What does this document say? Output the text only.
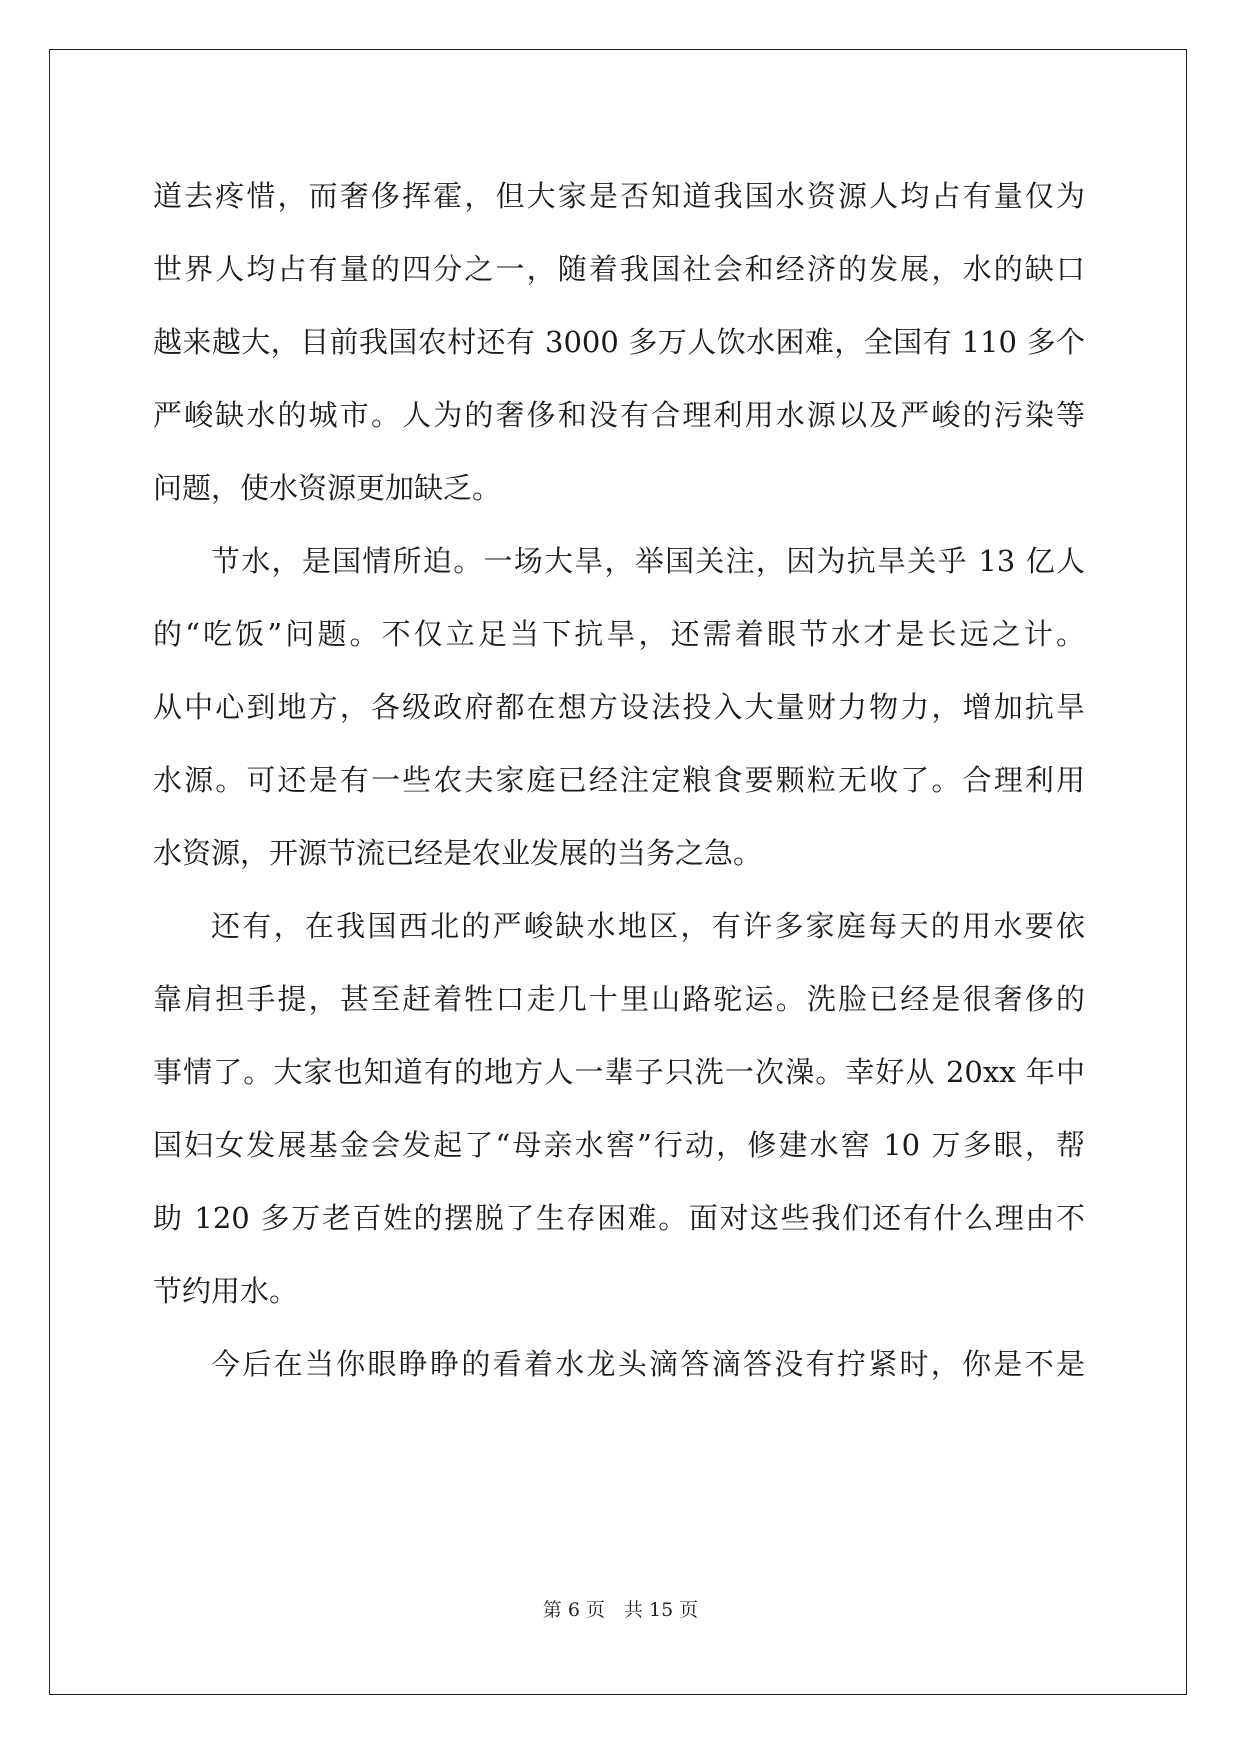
道去疼惜，而奢侈挥霍，但大家是否知道我国水资源人均占有量仅为

世界人均占有量的四分之一，随着我国社会和经济的发展，水的缺口

越来越大，目前我国农村还有 3000 多万人饮水困难，全国有 110 多个

严峻缺水的城市。人为的奢侈和没有合理利用水源以及严峻的污染等

问题，使水资源更加缺乏。

节水，是国情所迫。一场大旱，举国关注，因为抗旱关乎 13 亿人

的“吃饭”问题。不仅立足当下抗旱，还需着眼节水才是长远之计。

从中心到地方，各级政府都在想方设法投入大量财力物力，增加抗旱

水源。可还是有一些农夫家庭已经注定粮食要颗粒无收了。合理利用

水资源，开源节流已经是农业发展的当务之急。

还有，在我国西北的严峻缺水地区，有许多家庭每天的用水要依

靠肩担手提，甚至赶着牲口走几十里山路驼运。洗脸已经是很奢侈的

事情了。大家也知道有的地方人一辈子只洗一次澡。幸好从 20xx 年中

国妇女发展基金会发起了“母亲水窖”行动，修建水窖 10 万多眼，帮

助 120 多万老百姓的摆脱了生存困难。面对这些我们还有什么理由不

节约用水。

今后在当你眼睁睁的看着水龙头滴答滴答没有拧紧时，你是不是

第 6 页　共 15 页
